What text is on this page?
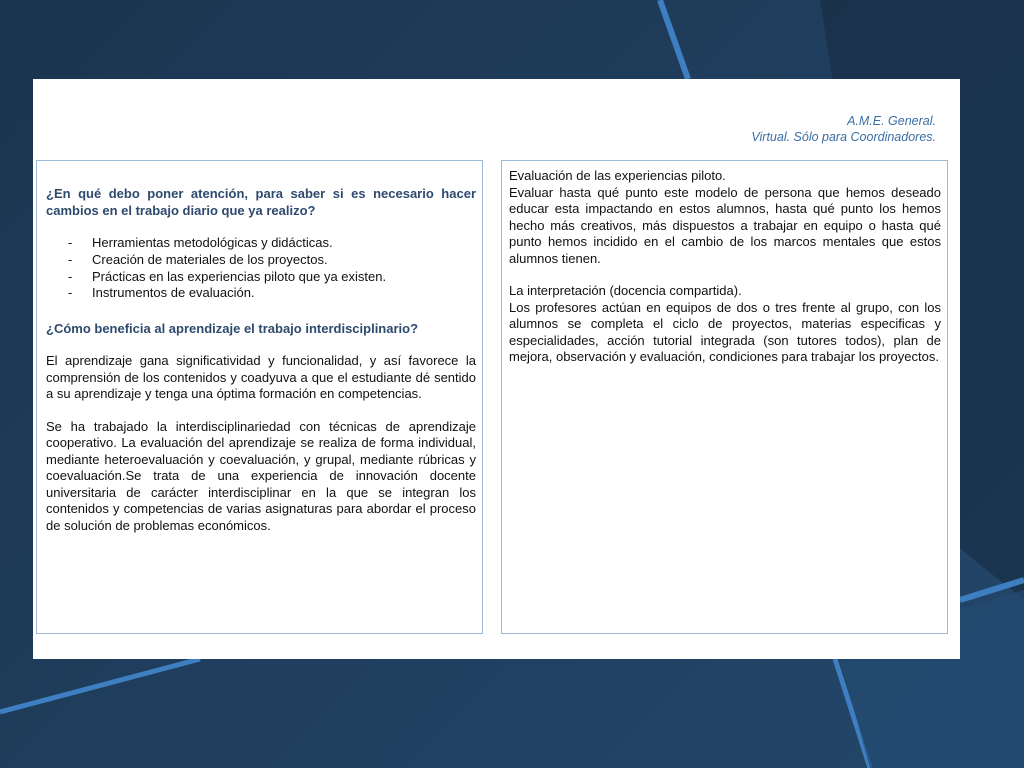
A.M.E. General.
Virtual. Sólo para Coordinadores.

¿En qué debo poner atención, para saber si es necesario hacer cambios en el trabajo diario que ya realizo?

- Herramientas metodológicas y didácticas.
- Creación de materiales de los proyectos.
- Prácticas en las experiencias piloto que ya existen.
- Instrumentos de evaluación.

¿Cómo beneficia al aprendizaje el trabajo interdisciplinario?

El aprendizaje gana significatividad y funcionalidad, y así favorece la comprensión de los contenidos y coadyuva a que el estudiante dé sentido a su aprendizaje y tenga una óptima formación en competencias.

Se ha trabajado la interdisciplinariedad con técnicas de aprendizaje cooperativo. La evaluación del aprendizaje se realiza de forma individual, mediante heteroevaluación y coevaluación, y grupal, mediante rúbricas y coevaluación.Se trata de una experiencia de innovación docente universitaria de carácter interdisciplinar en la que se integran los contenidos y competencias de varias asignaturas para abordar el proceso de solución de problemas económicos.

Evaluación de las experiencias piloto.

Evaluar hasta qué punto este modelo de persona que hemos deseado educar esta impactando en estos alumnos, hasta qué punto los hemos hecho más creativos, más dispuestos a trabajar en equipo o hasta qué punto hemos incidido en el cambio de los marcos mentales que estos alumnos tienen.

La interpretación (docencia compartida).

Los profesores actúan en equipos de dos o tres frente al grupo, con los alumnos se completa el ciclo de proyectos, materias especificas y especialidades, acción tutorial integrada (son tutores todos), plan de mejora, observación y evaluación, condiciones para trabajar los proyectos.
